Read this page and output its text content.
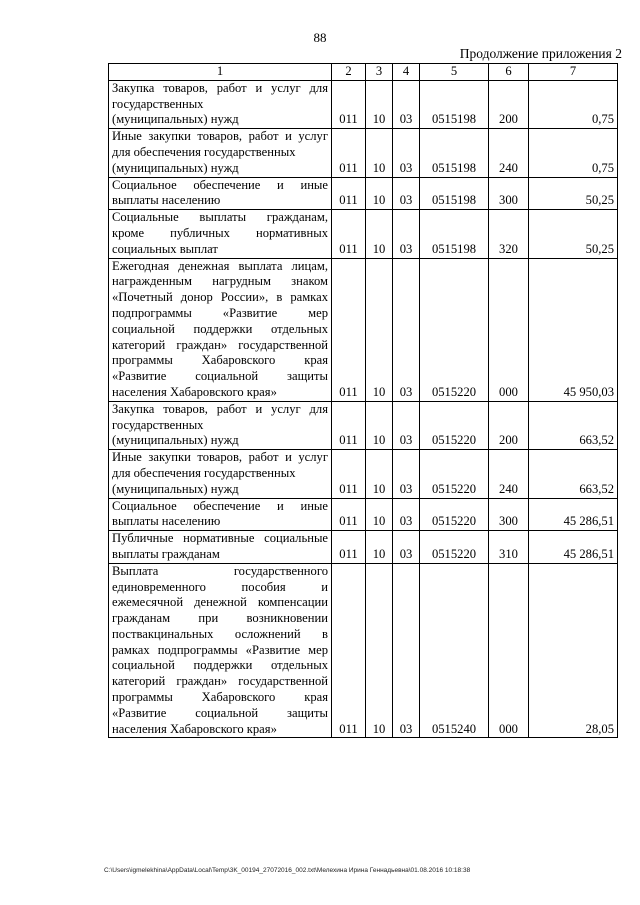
88
Продолжение приложения 2
1	2	3	4	5	6	7
Закупка товаров, работ и услуг для государственных
(муниципальных) нужд	011	10	03	0515198	200	0,75
Иные закупки товаров, работ и услуг для обеспечения государственных
(муниципальных) нужд	011	10	03	0515198	240	0,75
Социальное обеспечение и иные выплаты населению	011	10	03	0515198	300	50,25
Социальные выплаты гражданам, кроме публичных нормативных социальных выплат	011	10	03	0515198	320	50,25
Ежегодная денежная выплата лицам, награжденным нагрудным знаком «Почетный донор России», в рамках подпрограммы «Развитие мер социальной поддержки отдельных категорий граждан» государственной программы Хабаровского края «Развитие социальной защиты населения Хабаровского края»	011	10	03	0515220	000	45 950,03
Закупка товаров, работ и услуг для государственных
(муниципальных) нужд	011	10	03	0515220	200	663,52
Иные закупки товаров, работ и услуг для обеспечения государственных
(муниципальных) нужд	011	10	03	0515220	240	663,52
Социальное обеспечение и иные выплаты населению	011	10	03	0515220	300	45 286,51
Публичные нормативные социальные выплаты гражданам	011	10	03	0515220	310	45 286,51
Выплата государственного единовременного пособия и ежемесячной денежной компенсации гражданам при возникновении поствакцинальных осложнений в рамках подпрограммы «Развитие мер социальной поддержки отдельных категорий граждан» государственной программы Хабаровского края «Развитие социальной защиты населения Хабаровского края»	011	10	03	0515240	000	28,05
C:\Users\igmelekhina\AppData\Local\Temp\3K_00194_27072016_002.txt\Мелехина Ирина Геннадьевна\01.08.2016 10:18:38
